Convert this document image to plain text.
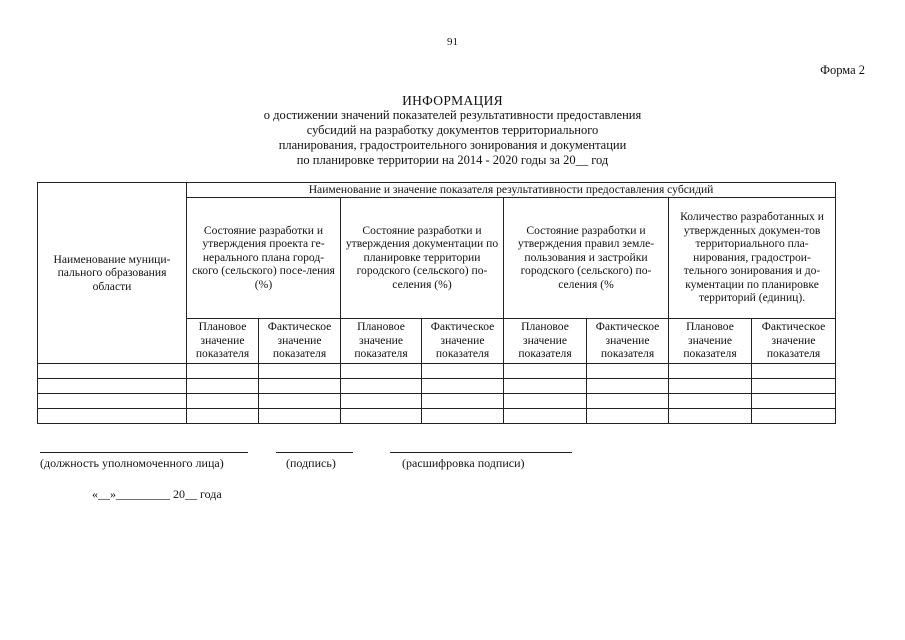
91
Форма 2
ИНФОРМАЦИЯ
о достижении значений показателей результативности предоставления
субсидий на разработку документов территориального
планирования, градостроительного зонирования и документации
по планировке территории на 2014 - 2020 годы за 20__ год
Наименование муници-пального образования области	Наименование и значение показателя результативности предоставления субсидий							
	Состояние разработки и утверждения проекта ге-нерального плана город-ского (сельского) посе-ления (%)		Состояние разработки и утверждения документации по планировке территории городского (сельского) по-селения (%)		Состояние разработки и утверждения правил земле-пользования и застройки городского (сельского) по-селения (%		Количество разработанных и утвержденных докумен-тов территориального пла-нирования, градострои-тельного зонирования и до-кументации по планировке территорий (единиц).	
	Плановое значение показателя	Фактическое значение показателя	Плановое значение показателя	Фактическое значение показателя	Плановое значение показателя	Фактическое значение показателя	Плановое значение показателя	Фактическое значение показателя

(должность уполномоченного лица)	(подпись)	(расшифровка подписи)
«__»_________ 20__ года
